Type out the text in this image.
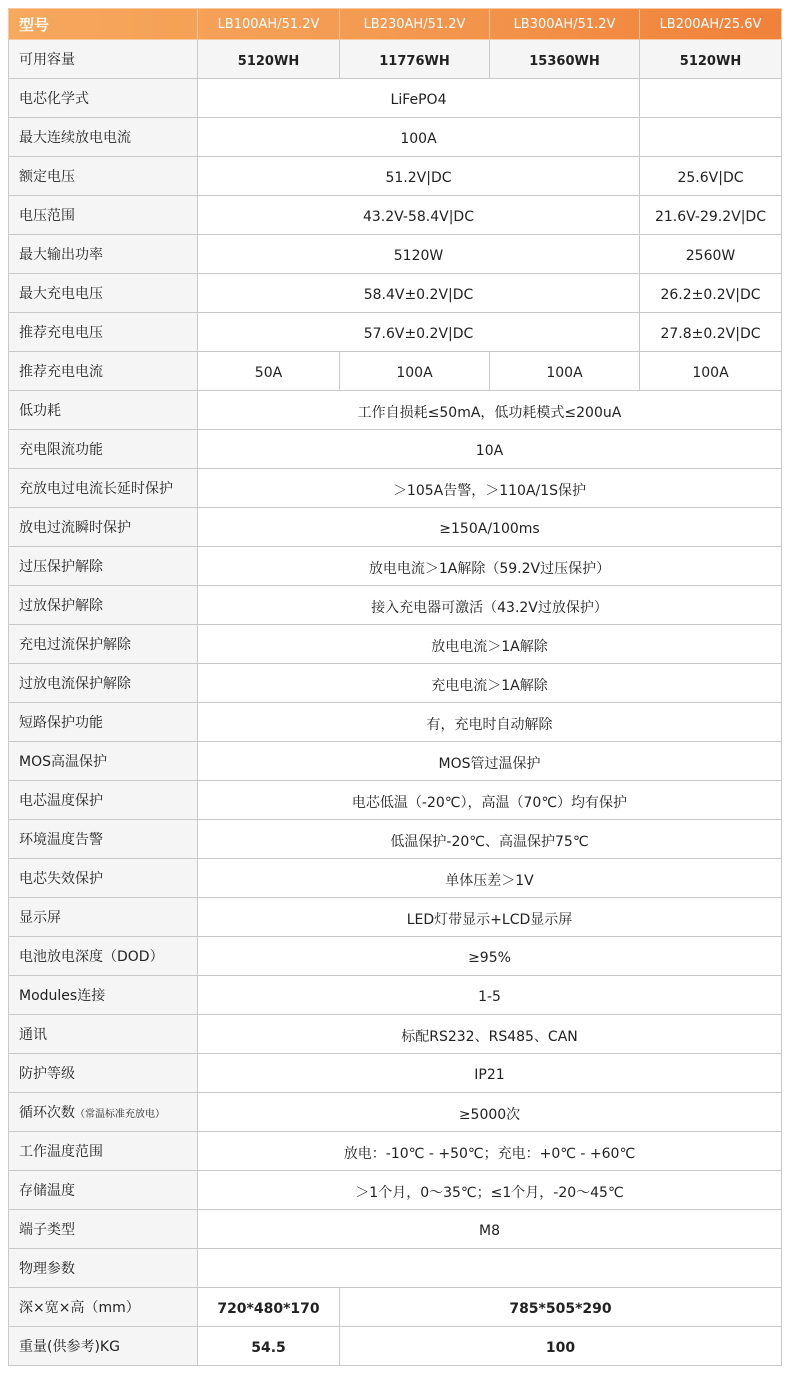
型号	LB100AH/51.2V	LB230AH/51.2V	LB300AH/51.2V	LB200AH/25.6V
可用容量	5120WH	11776WH	15360WH	5120WH
电芯化学式	LiFePO4			
最大连续放电电流	100A			
额定电压	51.2V|DC			25.6V|DC
电压范围	43.2V-58.4V|DC			21.6V-29.2V|DC
最大输出功率	5120W			2560W
最大充电电压	58.4V±0.2V|DC			26.2±0.2V|DC
推荐充电电压	57.6V±0.2V|DC			27.8±0.2V|DC
推荐充电电流	50A	100A	100A	100A
低功耗	工作自损耗≤50mA，低功耗模式≤200uA			
充电限流功能	10A			
充放电过电流长延时保护	＞105A告警，＞110A/1S保护			
放电过流瞬时保护	≥150A/100ms			
过压保护解除	放电电流＞1A解除（59.2V过压保护）			
过放保护解除	接入充电器可激活（43.2V过放保护）			
充电过流保护解除	放电电流＞1A解除			
过放电流保护解除	充电电流＞1A解除			
短路保护功能	有，充电时自动解除			
MOS高温保护	MOS管过温保护			
电芯温度保护	电芯低温（-20℃），高温（70℃）均有保护			
环境温度告警	低温保护-20℃、高温保护75℃			
电芯失效保护	单体压差＞1V			
显示屏	LED灯带显示+LCD显示屏			
电池放电深度（DOD）	≥95%			
Modules连接	1-5			
通讯	标配RS232、RS485、CAN			
防护等级	IP21			
循环次数（常温标准充放电）	≥5000次			
工作温度范围	放电：-10℃ - +50℃；充电：+0℃ - +60℃			
存储温度	＞1个月，0～35℃；≤1个月，-20～45℃			
端子类型	M8			
物理参数				
深×宽×高（mm）	720*480*170	785*505*290		
重量(供参考)KG	54.5	100		
